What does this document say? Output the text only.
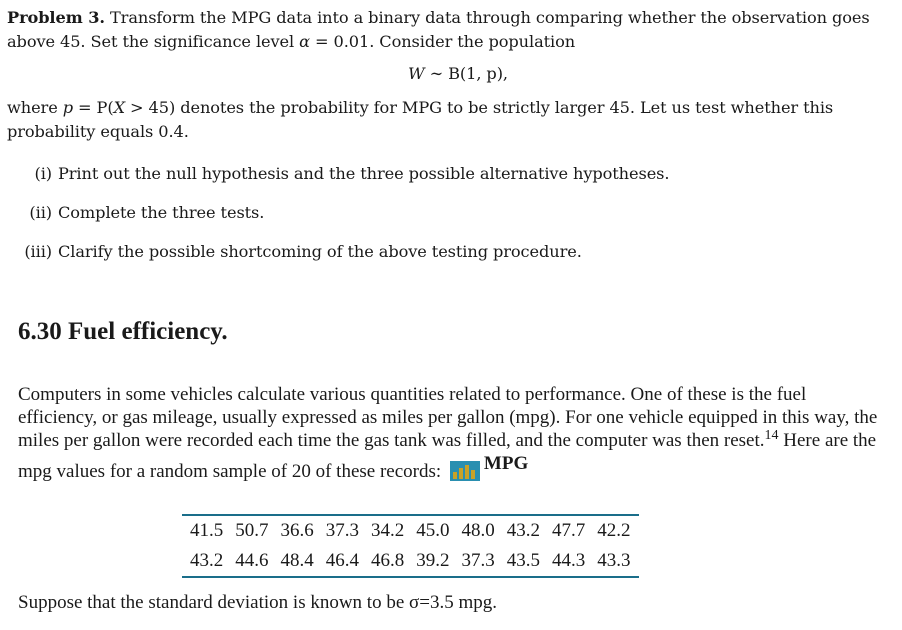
Problem 3. Transform the MPG data into a binary data through comparing whether the observation goes above 45. Set the significance level α = 0.01. Consider the population

W ∼ B(1, p),

where p = P(X > 45) denotes the probability for MPG to be strictly larger 45. Let us test whether this probability equals 0.4.

(i) Print out the null hypothesis and the three possible alternative hypotheses.
(ii) Complete the three tests.
(iii) Clarify the possible shortcoming of the above testing procedure.
6.30 Fuel efficiency.

Computers in some vehicles calculate various quantities related to performance. One of these is the fuel efficiency, or gas mileage, usually expressed as miles per gallon (mpg). For one vehicle equipped in this way, the miles per gallon were recorded each time the gas tank was filled, and the computer was then reset.$^{14}$ Here are the mpg values for a random sample of 20 of these records: MPG

41.5	50.7	36.6	37.3	34.2	45.0	48.0	43.2	47.7	42.2
43.2	44.6	48.4	46.4	46.8	39.2	37.3	43.5	44.3	43.3

Suppose that the standard deviation is known to be σ=3.5 mpg.
